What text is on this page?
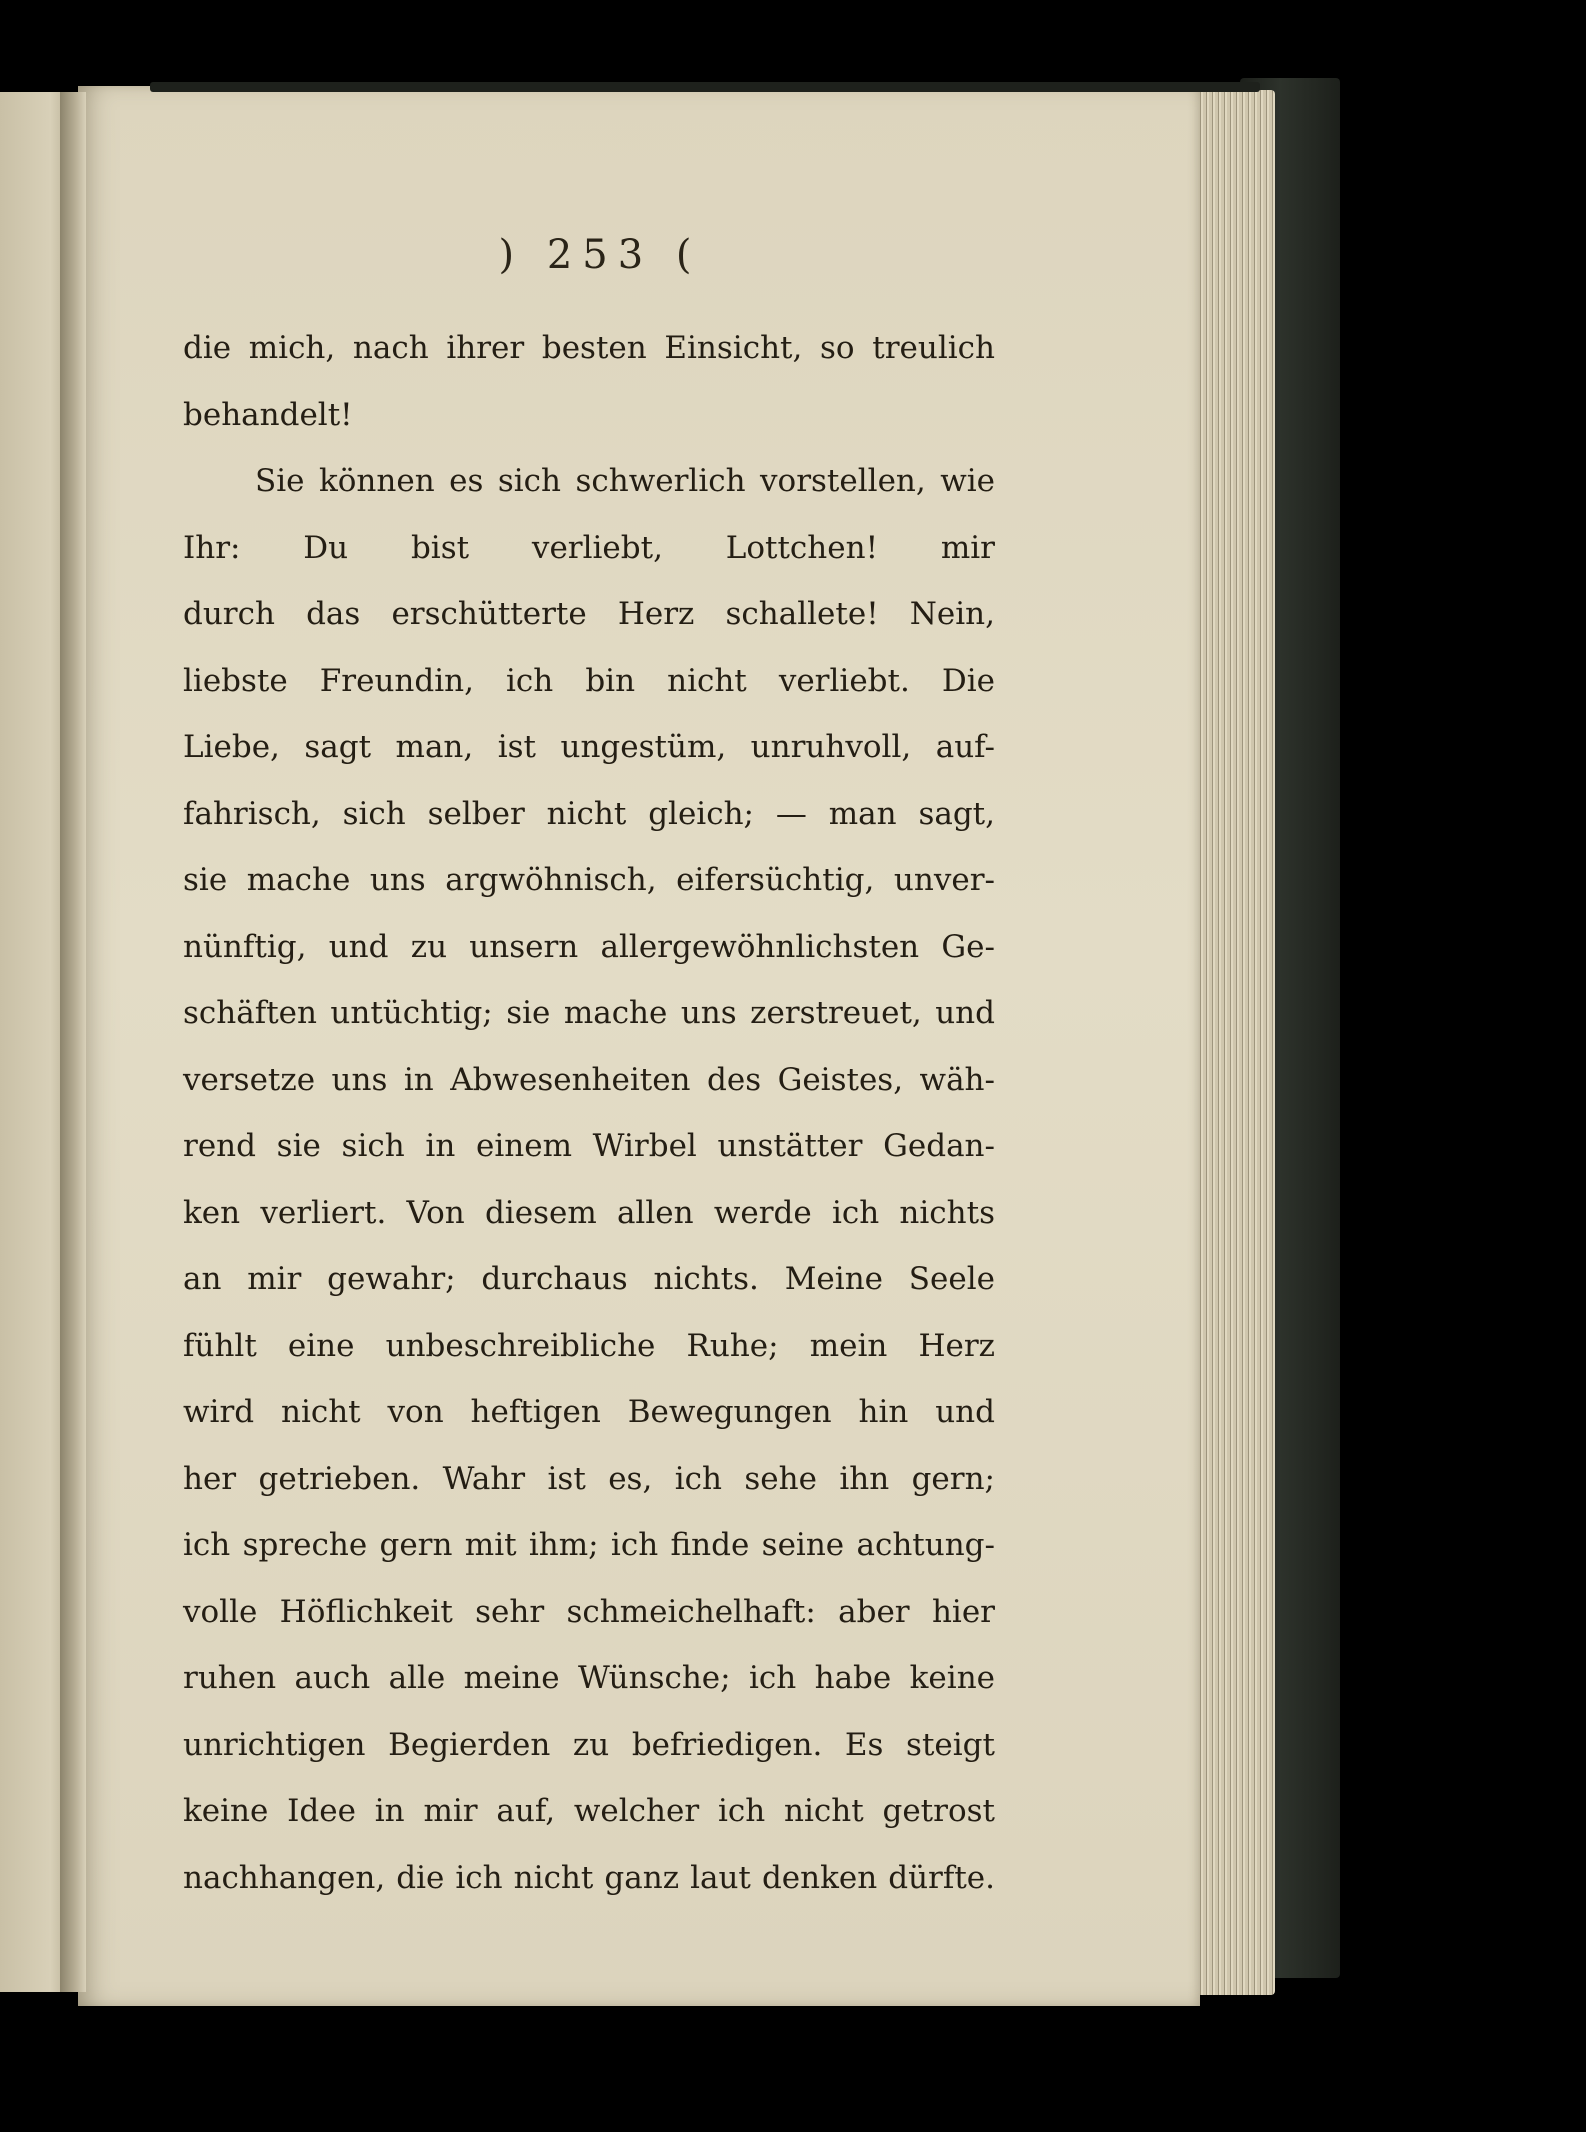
) 253 (
die mich, nach ihrer besten Einsicht, so treulich
behandelt!
Sie können es sich schwerlich vorstellen, wie
Ihr: Du bist verliebt, Lottchen! mir
durch das erschütterte Herz schallete! Nein,
liebste Freundin, ich bin nicht verliebt. Die
Liebe, sagt man, ist ungestüm, unruhvoll, auf-
fahrisch, sich selber nicht gleich; — man sagt,
sie mache uns argwöhnisch, eifersüchtig, unver-
nünftig, und zu unsern allergewöhnlichsten Ge-
schäften untüchtig; sie mache uns zerstreuet, und
versetze uns in Abwesenheiten des Geistes, wäh-
rend sie sich in einem Wirbel unstätter Gedan-
ken verliert. Von diesem allen werde ich nichts
an mir gewahr; durchaus nichts. Meine Seele
fühlt eine unbeschreibliche Ruhe; mein Herz
wird nicht von heftigen Bewegungen hin und
her getrieben. Wahr ist es, ich sehe ihn gern;
ich spreche gern mit ihm; ich finde seine achtung-
volle Höflichkeit sehr schmeichelhaft: aber hier
ruhen auch alle meine Wünsche; ich habe keine
unrichtigen Begierden zu befriedigen. Es steigt
keine Idee in mir auf, welcher ich nicht getrost
nachhangen, die ich nicht ganz laut denken dürfte.
